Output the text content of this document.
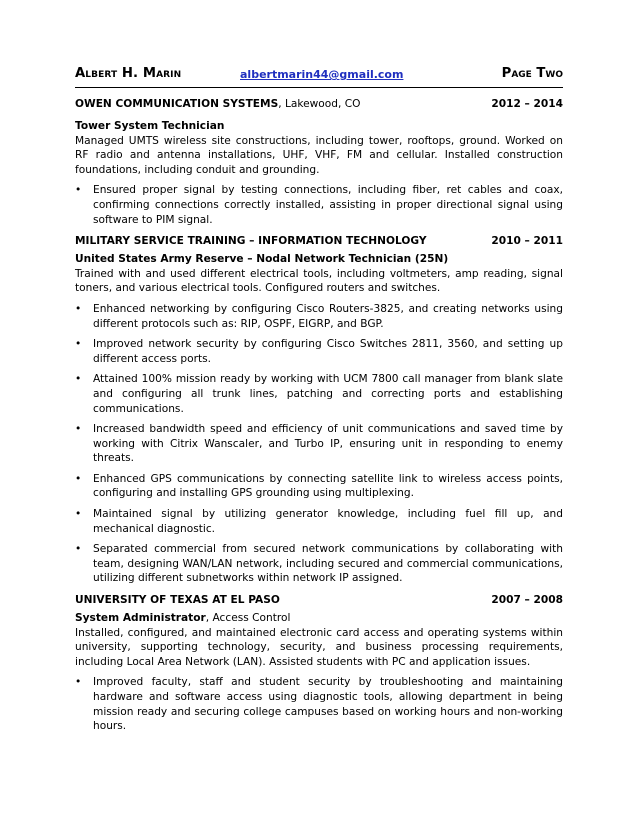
Albert H. Marin	albertmarin44@gmail.com	Page Two
OWEN COMMUNICATION SYSTEMS, Lakewood, CO	2012 – 2014
Tower System Technician
Managed UMTS wireless site constructions, including tower, rooftops, ground. Worked on RF radio and antenna installations, UHF, VHF, FM and cellular. Installed construction foundations, including conduit and grounding.
• Ensured proper signal by testing connections, including fiber, ret cables and coax, confirming connections correctly installed, assisting in proper directional signal using software to PIM signal.
MILITARY SERVICE TRAINING – INFORMATION TECHNOLOGY	2010 – 2011
United States Army Reserve – Nodal Network Technician (25N)
Trained with and used different electrical tools, including voltmeters, amp reading, signal toners, and various electrical tools. Configured routers and switches.
• Enhanced networking by configuring Cisco Routers-3825, and creating networks using different protocols such as: RIP, OSPF, EIGRP, and BGP.
• Improved network security by configuring Cisco Switches 2811, 3560, and setting up different access ports.
• Attained 100% mission ready by working with UCM 7800 call manager from blank slate and configuring all trunk lines, patching and correcting ports and establishing communications.
• Increased bandwidth speed and efficiency of unit communications and saved time by working with Citrix Wanscaler, and Turbo IP, ensuring unit in responding to enemy threats.
• Enhanced GPS communications by connecting satellite link to wireless access points, configuring and installing GPS grounding using multiplexing.
• Maintained signal by utilizing generator knowledge, including fuel fill up, and mechanical diagnostic.
• Separated commercial from secured network communications by collaborating with team, designing WAN/LAN network, including secured and commercial communications, utilizing different subnetworks within network IP assigned.
UNIVERSITY OF TEXAS AT EL PASO	2007 – 2008
System Administrator, Access Control
Installed, configured, and maintained electronic card access and operating systems within university, supporting technology, security, and business processing requirements, including Local Area Network (LAN). Assisted students with PC and application issues.
• Improved faculty, staff and student security by troubleshooting and maintaining hardware and software access using diagnostic tools, allowing department in being mission ready and securing college campuses based on working hours and non-working hours.
